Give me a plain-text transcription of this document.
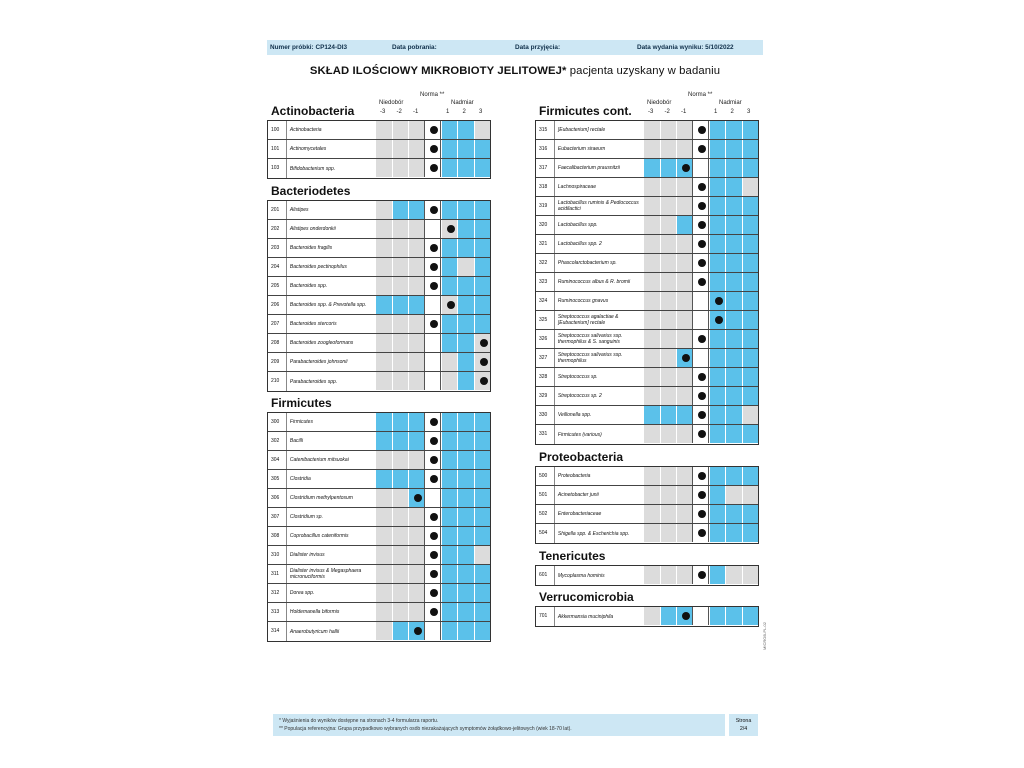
Numer próbki: CP124-DI3	Data pobrania:	Data przyjęcia:	Data wydania wyniku: 5/10/2022
SKŁAD ILOŚCIOWY MIKROBIOTY JELITOWEJ* pacjenta uzyskany w badaniu
Actinobacteria
Norma **
Niedobór	Nadmiar
-3 -2 -1	1 2 3
100	Actinobacteria
101	Actinomycetales
103	Bifidobacterium spp.
Bacteriodetes
201	Alistipes
202	Alistipes onderdonkii
203	Bacteroides fragilis
204	Bacteroides pectinophilus
205	Bacteroides spp.
206	Bacteroides spp. & Prevotella spp.
207	Bacteroides stercoris
208	Bacteroides zoogleoformans
209	Parabacteroides johnsonii
210	Parabacteroides spp.
Firmicutes
300	Firmicutes
302	Bacilli
304	Catenibacterium mitsuokai
305	Clostridia
306	Clostridium methylpentosum
307	Clostridium sp.
308	Coprobacillus cateniformis
310	Dialister invisus
311	Dialister invisus & Megasphaera micronuciformis
312	Dorea spp.
313	Holdemanella biformis
314	Anaerobutyricum hallii
Firmicutes cont.
Norma **
Niedobór	Nadmiar
-3 -2 -1	1 2 3
315	[Eubacterium] rectale
316	Eubacterium siraeum
317	Faecalibacterium prausnitzii
318	Lachnospiraceae
319	Lactobacillus ruminis & Pediococcus acidilactici
320	Lactobacillus spp.
321	Lactobacillus spp. 2
322	Phascolarctobacterium sp.
323	Ruminococcus albus & R. bromii
324	Ruminococcus gnavus
325	Streptococcus agalactiae & [Eubacterium] rectale
326	Streptococcus salivarius ssp. thermophilus & S. sanguinis
327	Streptococcus salivarius ssp. thermophilus
328	Streptococcus sp.
329	Streptococcus sp. 2
330	Veillonella spp.
331	Firmicutes (various)
Proteobacteria
500	Proteobacteria
501	Acinetobacter junii
502	Enterobacteriaceae
504	Shigella spp. & Escherichia spp.
Tenericutes
601	Mycoplasma hominis
Verrucomicrobia
701	Akkermansia muciniphila
* Wyjaśnienia do wyników dostępne na stronach 3-4 formularza raportu.
** Populacja referencyjna: Grupa przypadkowo wybranych osób niezakażających symptomów żołądkowo-jelitowych (wiek 18-70 lat).
Strona
2/4
MICROB-PL-02
